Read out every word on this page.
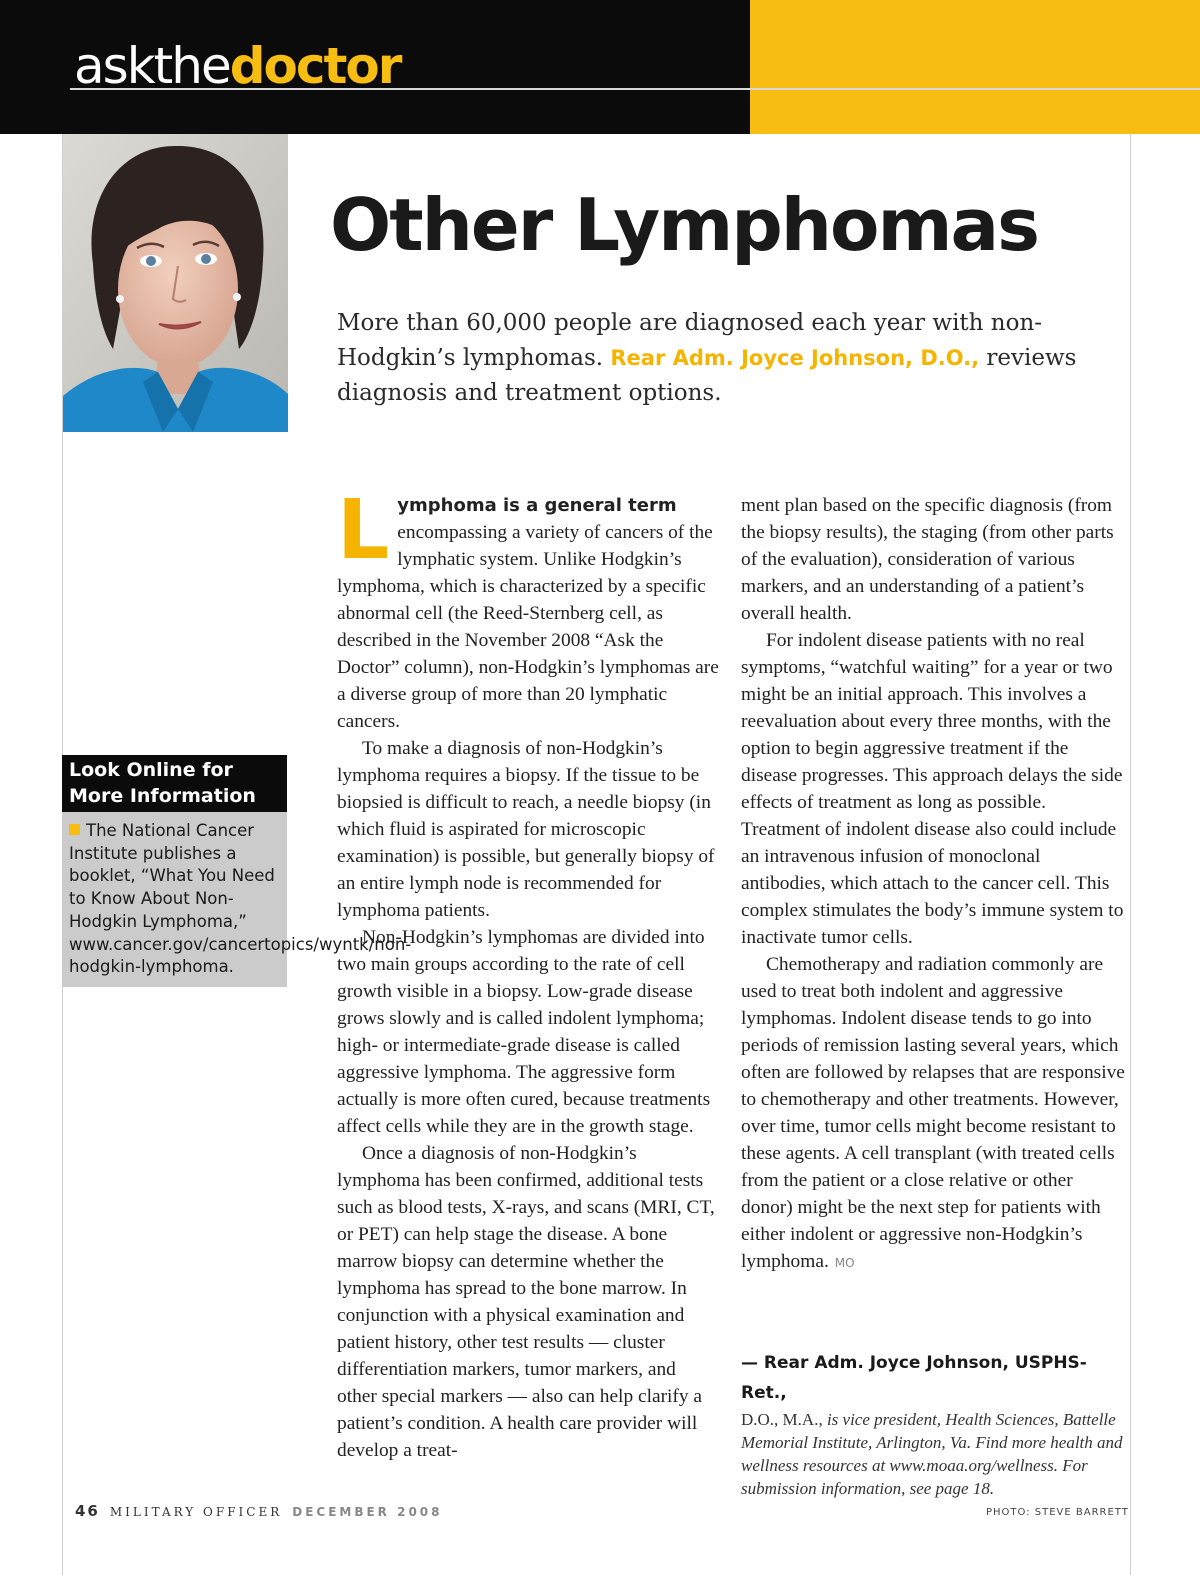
askthedoctor
Other Lymphomas

More than 60,000 people are diagnosed each year with non-Hodgkin’s lymphomas. Rear Adm. Joyce Johnson, D.O., reviews diagnosis and treatment options.

Look Online for
More Information
The National Cancer Institute publishes a booklet, “What You Need to Know About Non-Hodgkin Lymphoma,” www.cancer.gov/cancertopics/wyntk/non-hodgkin-lymphoma.

Lymphoma is a general term encompassing a variety of cancers of the lymphatic system. Unlike Hodgkin’s lymphoma, which is characterized by a specific abnormal cell (the Reed-Sternberg cell, as described in the November 2008 “Ask the Doctor” column), non-Hodgkin’s lymphomas are a diverse group of more than 20 lymphatic cancers.

To make a diagnosis of non-Hodgkin’s lymphoma requires a biopsy. If the tissue to be biopsied is difficult to reach, a needle biopsy (in which fluid is aspirated for microscopic examination) is possible, but generally biopsy of an entire lymph node is recommended for lymphoma patients.

Non-Hodgkin’s lymphomas are divided into two main groups according to the rate of cell growth visible in a biopsy. Low-grade disease grows slowly and is called indolent lymphoma; high- or intermediate-grade disease is called aggressive lymphoma. The aggressive form actually is more often cured, because treatments affect cells while they are in the growth stage.

Once a diagnosis of non-Hodgkin’s lymphoma has been confirmed, additional tests such as blood tests, X-rays, and scans (MRI, CT, or PET) can help stage the disease. A bone marrow biopsy can determine whether the lymphoma has spread to the bone marrow. In conjunction with a physical examination and patient history, other test results — cluster differentiation markers, tumor markers, and other special markers — also can help clarify a patient’s condition. A health care provider will develop a treat-

ment plan based on the specific diagnosis (from the biopsy results), the staging (from other parts of the evaluation), consideration of various markers, and an understanding of a patient’s overall health.

For indolent disease patients with no real symptoms, “watchful waiting” for a year or two might be an initial approach. This involves a reevaluation about every three months, with the option to begin aggressive treatment if the disease progresses. This approach delays the side effects of treatment as long as possible. Treatment of indolent disease also could include an intravenous infusion of monoclonal antibodies, which attach to the cancer cell. This complex stimulates the body’s immune system to inactivate tumor cells.

Chemotherapy and radiation commonly are used to treat both indolent and aggressive lymphomas. Indolent disease tends to go into periods of remission lasting several years, which often are followed by relapses that are responsive to chemotherapy and other treatments. However, over time, tumor cells might become resistant to these agents. A cell transplant (with treated cells from the patient or a close relative or other donor) might be the next step for patients with either indolent or aggressive non-Hodgkin’s lymphoma. MO

— Rear Adm. Joyce Johnson, USPHS-Ret.,
D.O., M.A., is vice president, Health Sciences, Battelle Memorial Institute, Arlington, Va. Find more health and wellness resources at www.moaa.org/wellness. For submission information, see page 18.
46 MILITARY OFFICER DECEMBER 2008	PHOTO: STEVE BARRETT
